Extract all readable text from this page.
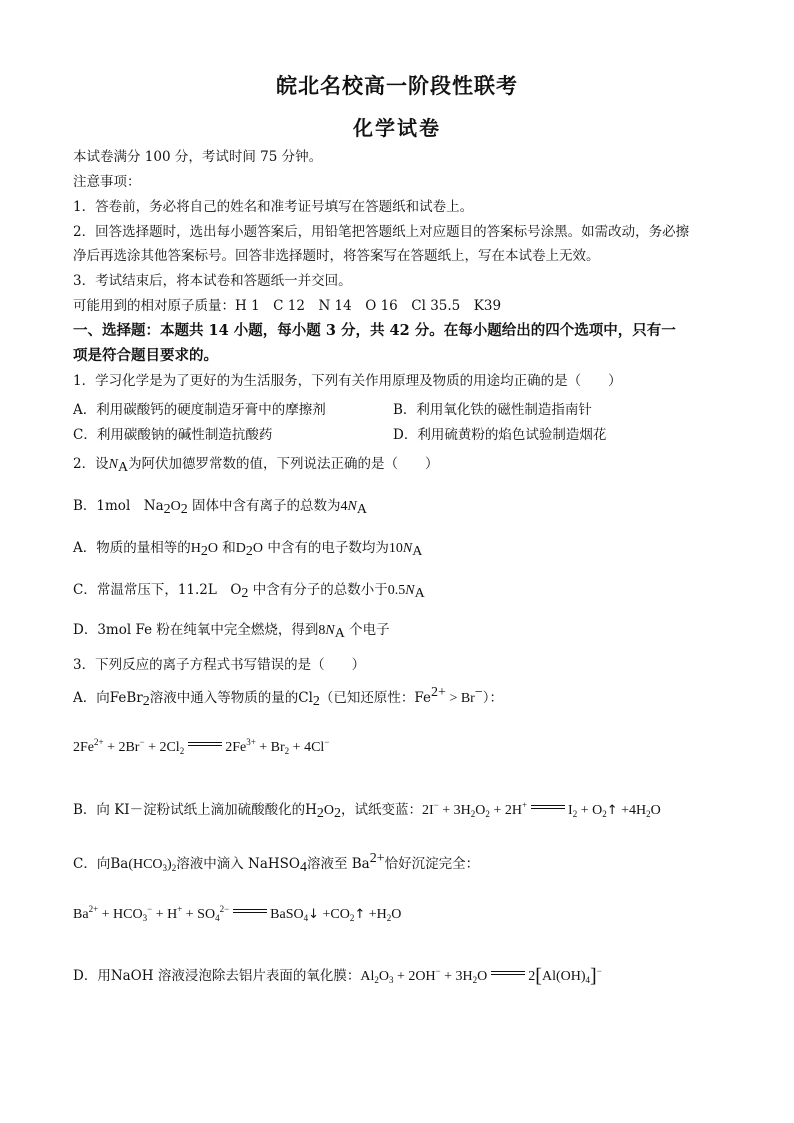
皖北名校高一阶段性联考
化学试卷
本试卷满分 100 分，考试时间 75 分钟。
注意事项：
1．答卷前，务必将自己的姓名和准考证号填写在答题纸和试卷上。
2．回答选择题时，选出每小题答案后，用铅笔把答题纸上对应题目的答案标号涂黑。如需改动，务必擦
净后再选涂其他答案标号。回答非选择题时，将答案写在答题纸上，写在本试卷上无效。
3．考试结束后，将本试卷和答题纸一并交回。
可能用到的相对原子质量：H 1　C 12　N 14　O 16　Cl 35.5　K39
一、选择题：本题共 14 小题，每小题 3 分，共 42 分。在每小题给出的四个选项中，只有一
项是符合题目要求的。
1．学习化学是为了更好的为生活服务，下列有关作用原理及物质的用途均正确的是（　　）
A．利用碳酸钙的硬度制造牙膏中的摩擦剂	B．利用氧化铁的磁性制造指南针
C．利用碳酸钠的碱性制造抗酸药	D．利用硫黄粉的焰色试验制造烟花
2．设$N_A$为阿伏加德罗常数的值，下列说法正确的是（　　）
B．1mol　$Na_2O_2$ 固体中含有离子的总数为$4N_A$
A．物质的量相等的$H_2O$ 和$D_2O$ 中含有的电子数均为$10N_A$
C．常温常压下，11.2L　$O_2$ 中含有分子的总数小于$0.5N_A$
D．3mol Fe 粉在纯氧中完全燃烧，得到$8N_A$ 个电子
3．下列反应的离子方程式书写错误的是（　　）
A．向FeBr$_2$溶液中通入等物质的量的$Cl_2$（已知还原性：$Fe^{2+} > Br^-$）：
$2Fe^{2+} + 2Br^- + 2Cl_2$	$2Fe^{3+} + Br_2 + 4Cl^-$
B．向 KI－淀粉试纸上滴加硫酸酸化的$H_2O_2$，试纸变蓝：$2I^- + 3H_2O_2 + 2H^+$	$I_2$ + $O_2↑ +4H_2O$
C．向$Ba(HCO_3)_2$溶液中滴入 NaHSO$_4$溶液至 $Ba^{2+}$恰好沉淀完全：
$Ba^{2+} + HCO_3^- + H^+ + SO_4^{2-}$	BaSO$_4$↓ $+CO_2↑ +H_2O$
D．用NaOH 溶液浸泡除去铝片表面的氧化膜：$Al_2O_3 + 2OH^- + 3H_2O$  $2[Al(OH)_4]^-$
